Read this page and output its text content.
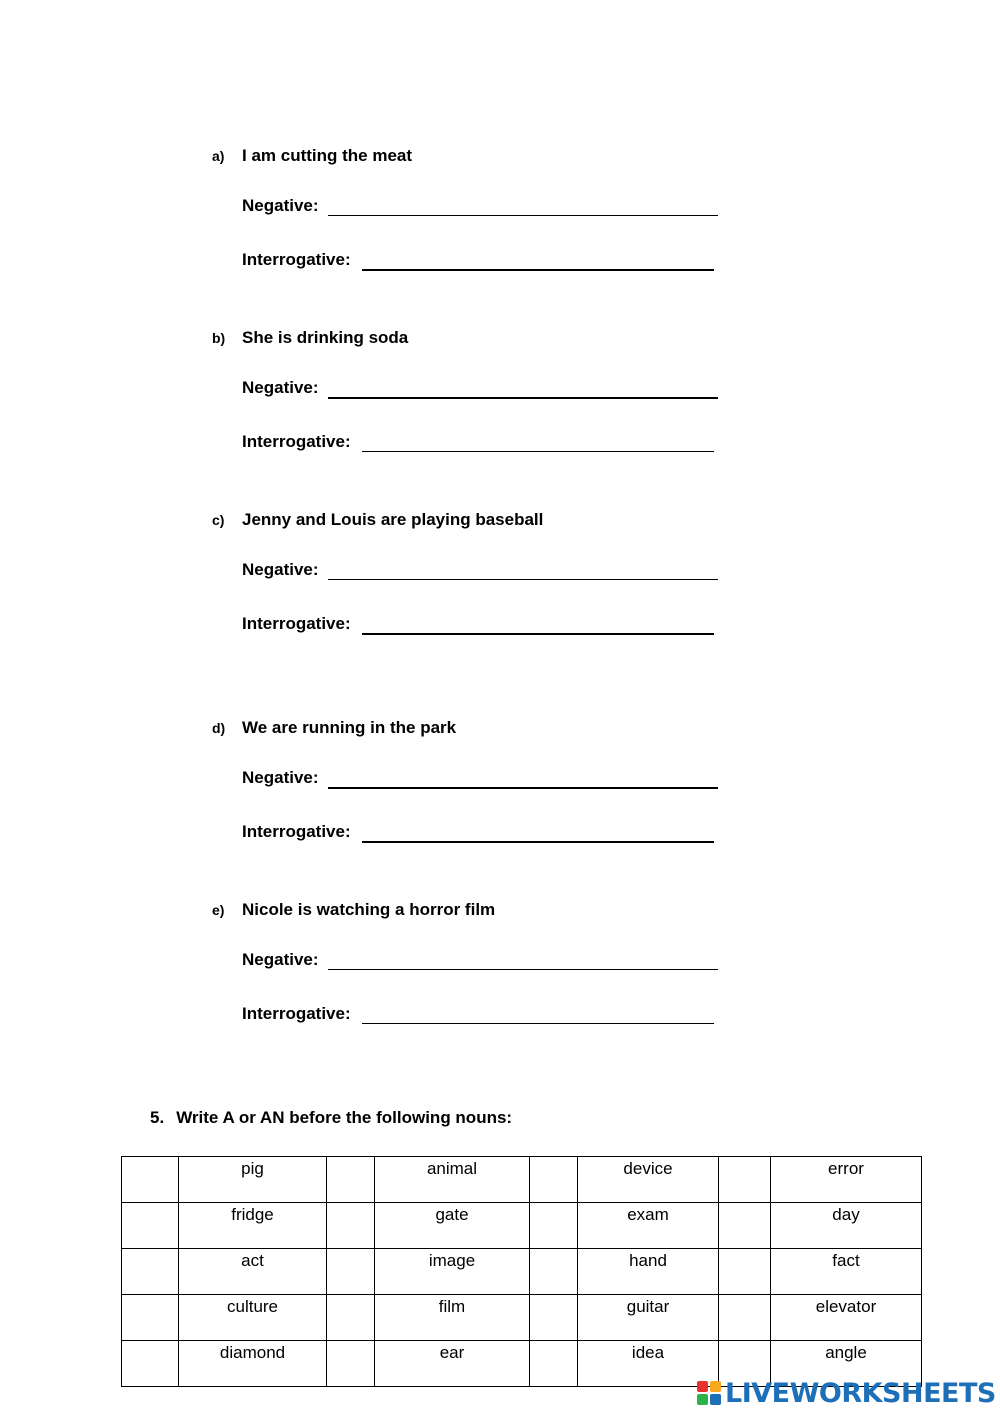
a) I am cutting the meat
Negative:
Interrogative:
b) She is drinking soda
Negative:
Interrogative:
c) Jenny and Louis are playing baseball
Negative:
Interrogative:
d) We are running in the park
Negative:
Interrogative:
e) Nicole is watching a horror film
Negative:
Interrogative:
5. Write A or AN before the following nouns:
	pig		animal		device		error
	fridge		gate		exam		day
	act		image		hand		fact
	culture		film		guitar		elevator
	diamond		ear		idea		angle
LIVEWORKSHEETS
